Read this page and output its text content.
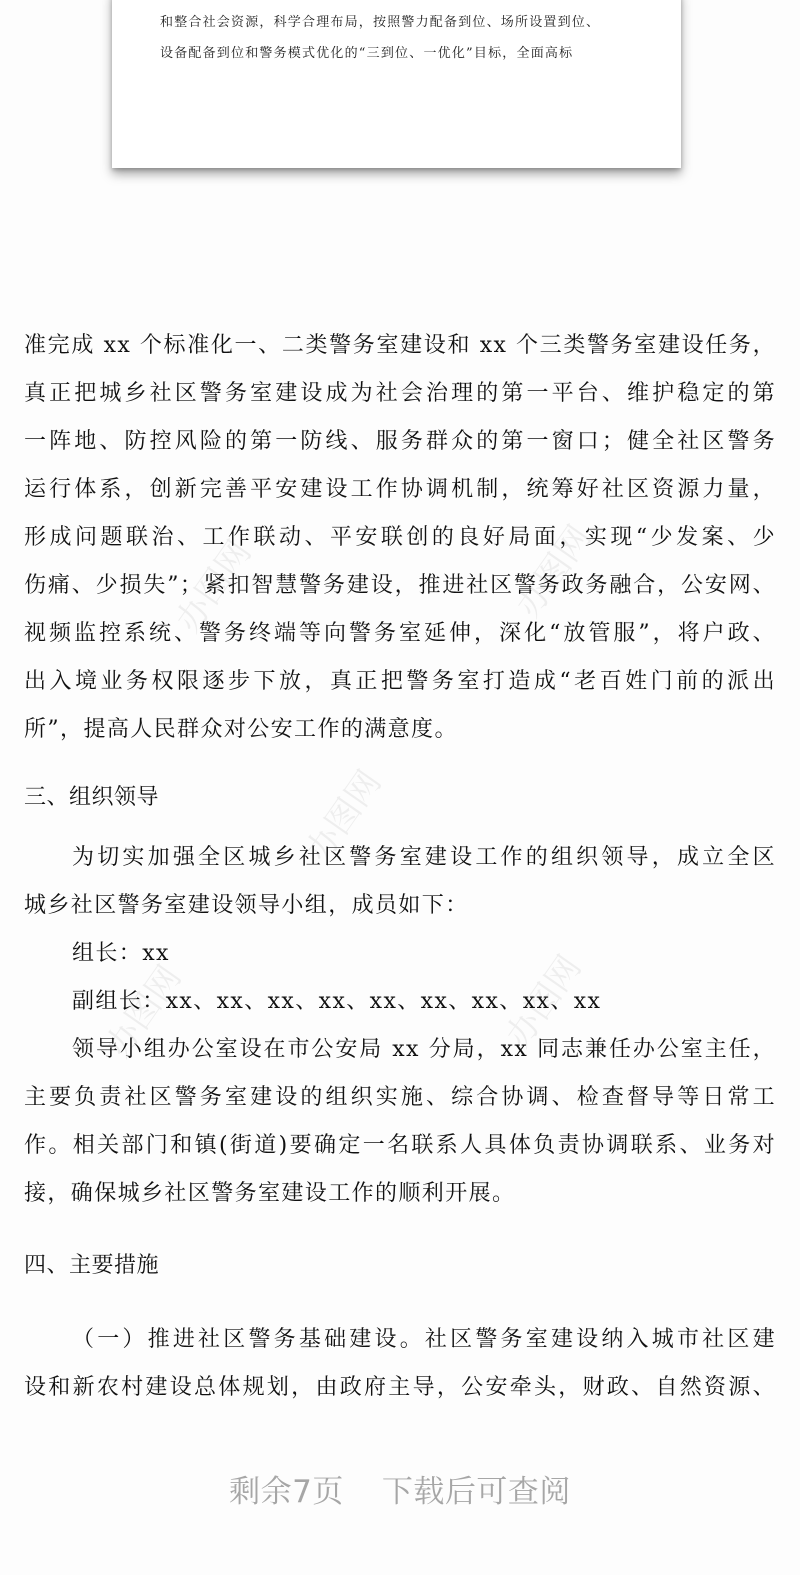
和整合社会资源，科学合理布局，按照警力配备到位、场所设置到位、
设备配备到位和警务模式优化的“三到位、一优化”目标，全面高标
办图网	办图网
办图网
办图网	办图网
准完成 xx 个标准化一、二类警务室建设和 xx 个三类警务室建设任务，
真正把城乡社区警务室建设成为社会治理的第一平台、维护稳定的第
一阵地、防控风险的第一防线、服务群众的第一窗口；健全社区警务
运行体系，创新完善平安建设工作协调机制，统筹好社区资源力量，
形成问题联治、工作联动、平安联创的良好局面，实现“少发案、少
伤痛、少损失”；紧扣智慧警务建设，推进社区警务政务融合，公安网、
视频监控系统、警务终端等向警务室延伸，深化“放管服”，将户政、
出入境业务权限逐步下放，真正把警务室打造成“老百姓门前的派出
所”，提高人民群众对公安工作的满意度。
三、组织领导
为切实加强全区城乡社区警务室建设工作的组织领导，成立全区
城乡社区警务室建设领导小组，成员如下：
组长：xx
副组长：xx、xx、xx、xx、xx、xx、xx、xx、xx
领导小组办公室设在市公安局 xx 分局，xx 同志兼任办公室主任，
主要负责社区警务室建设的组织实施、综合协调、检查督导等日常工
作。相关部门和镇(街道)要确定一名联系人具体负责协调联系、业务对
接，确保城乡社区警务室建设工作的顺利开展。
四、主要措施
（一）推进社区警务基础建设。社区警务室建设纳入城市社区建
设和新农村建设总体规划，由政府主导，公安牵头，财政、自然资源、
剩余7页 下载后可查阅
